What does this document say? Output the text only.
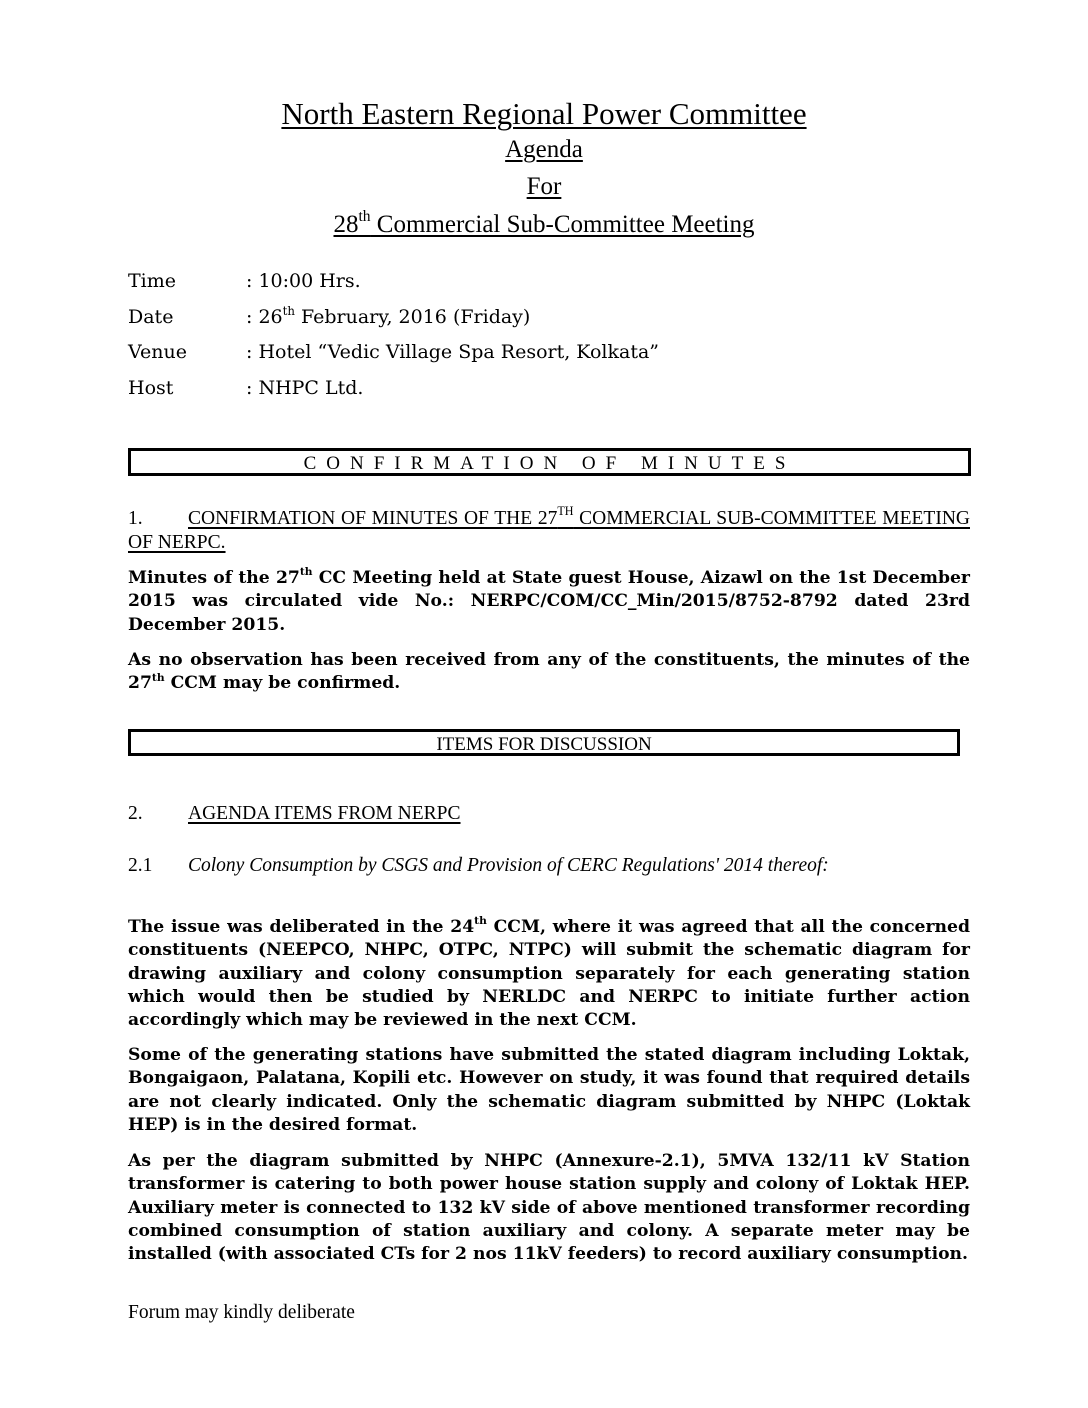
North Eastern Regional Power Committee
Agenda
For
28th Commercial Sub-Committee Meeting
Time	: 10:00 Hrs.
Date	: 26th February, 2016 (Friday)
Venue	: Hotel “Vedic Village Spa Resort, Kolkata”
Host	: NHPC Ltd.
CONFIRMATION OF MINUTES
1. CONFIRMATION OF MINUTES OF THE 27TH COMMERCIAL SUB-COMMITTEE MEETING OF NERPC.
Minutes of the 27th CC Meeting held at State guest House, Aizawl on the 1st December 2015 was circulated vide No.: NERPC/COM/CC_Min/2015/8752-8792 dated 23rd December 2015.
As no observation has been received from any of the constituents, the minutes of the 27th CCM may be confirmed.
ITEMS FOR DISCUSSION
2. AGENDA ITEMS FROM NERPC
2.1 Colony Consumption by CSGS and Provision of CERC Regulations' 2014 thereof:
The issue was deliberated in the 24th CCM, where it was agreed that all the concerned constituents (NEEPCO, NHPC, OTPC, NTPC) will submit the schematic diagram for drawing auxiliary and colony consumption separately for each generating station which would then be studied by NERLDC and NERPC to initiate further action accordingly which may be reviewed in the next CCM.
Some of the generating stations have submitted the stated diagram including Loktak, Bongaigaon, Palatana, Kopili etc. However on study, it was found that required details are not clearly indicated. Only the schematic diagram submitted by NHPC (Loktak HEP) is in the desired format.
As per the diagram submitted by NHPC (Annexure-2.1), 5MVA 132/11 kV Station transformer is catering to both power house station supply and colony of Loktak HEP. Auxiliary meter is connected to 132 kV side of above mentioned transformer recording combined consumption of station auxiliary and colony. A separate meter may be installed (with associated CTs for 2 nos 11kV feeders) to record auxiliary consumption.
Forum may kindly deliberate
